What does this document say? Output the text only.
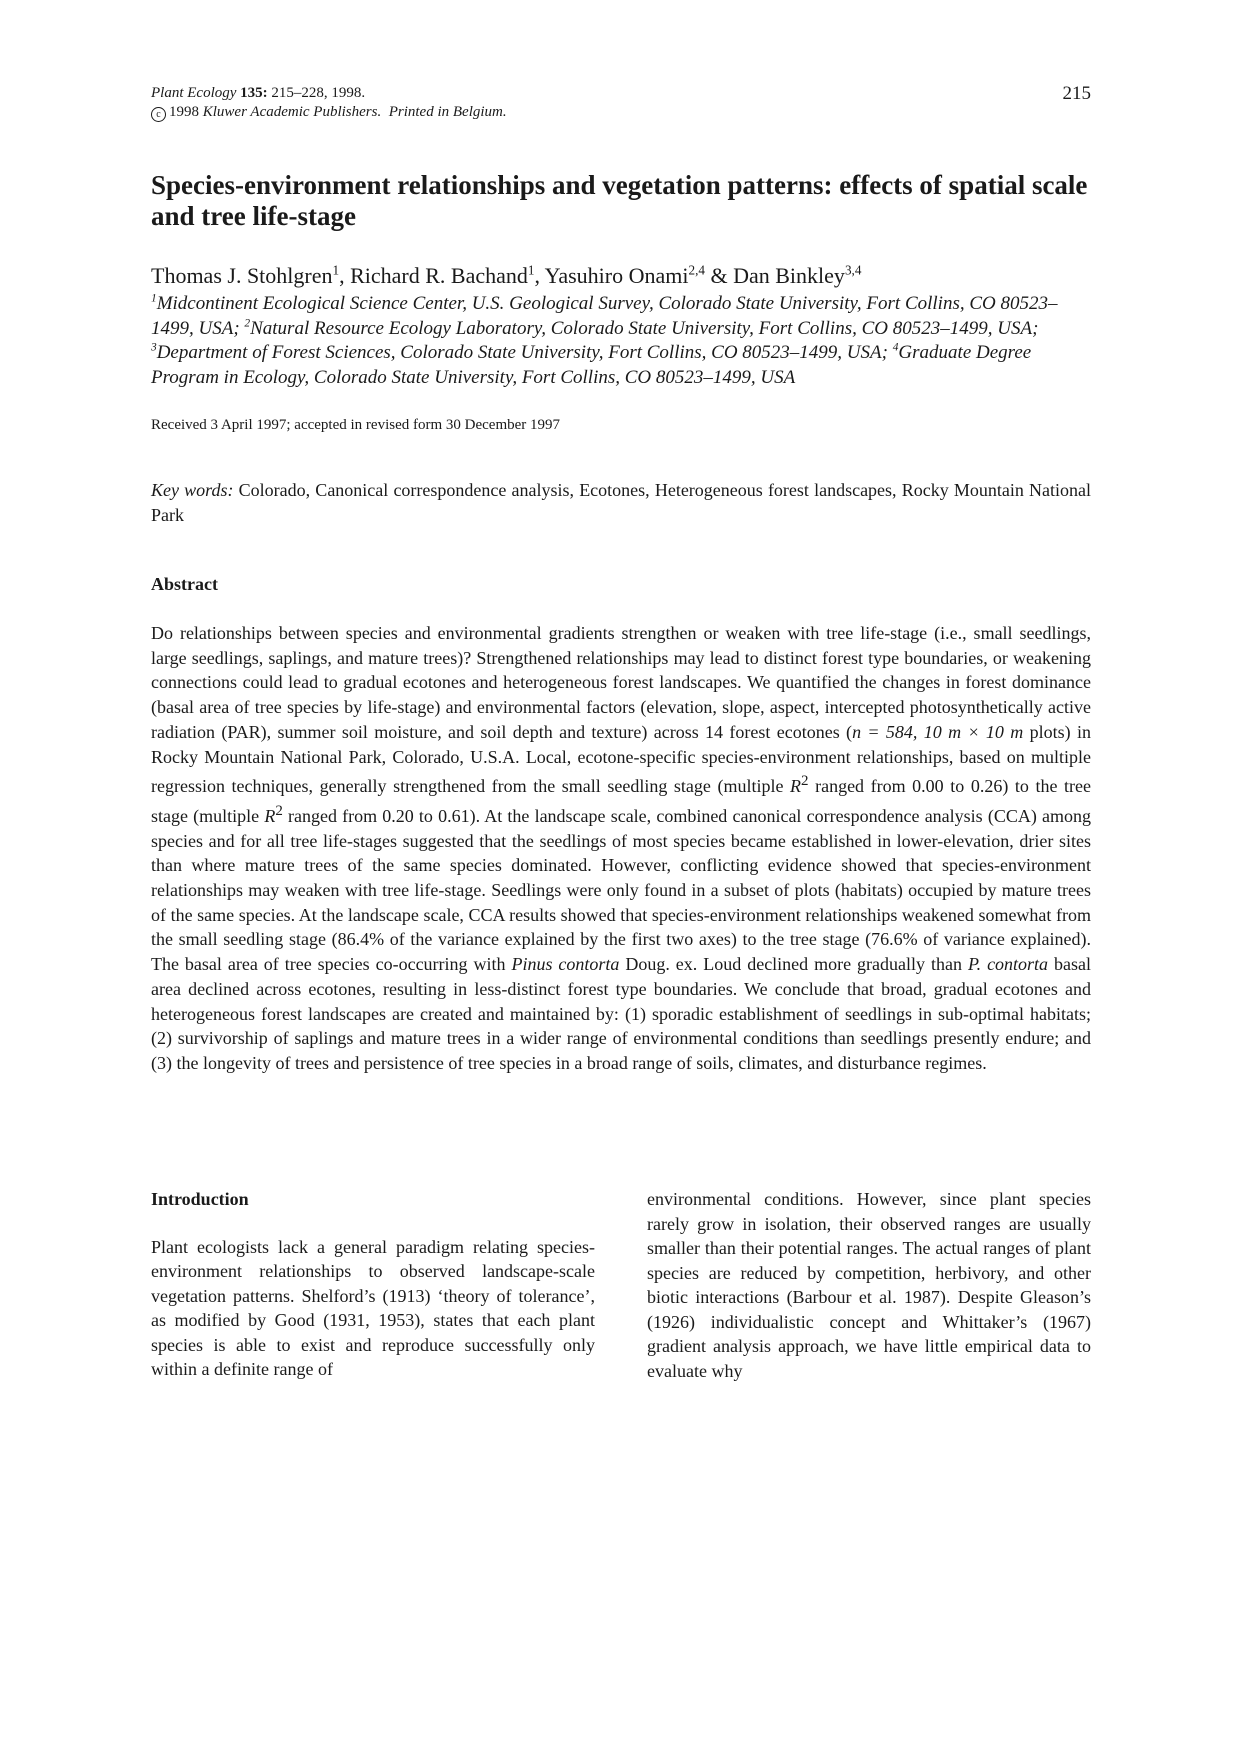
Plant Ecology 135: 215–228, 1998.
c 1998 Kluwer Academic Publishers. Printed in Belgium.
215
Species-environment relationships and vegetation patterns: effects of spatial scale and tree life-stage
Thomas J. Stohlgren$^1$, Richard R. Bachand$^1$, Yasuhiro Onami$^{2,4}$ & Dan Binkley$^{3,4}$
$^1$Midcontinent Ecological Science Center, U.S. Geological Survey, Colorado State University, Fort Collins, CO 80523–1499, USA; $^2$Natural Resource Ecology Laboratory, Colorado State University, Fort Collins, CO 80523–1499, USA; $^3$Department of Forest Sciences, Colorado State University, Fort Collins, CO 80523–1499, USA; $^4$Graduate Degree Program in Ecology, Colorado State University, Fort Collins, CO 80523–1499, USA
Received 3 April 1997; accepted in revised form 30 December 1997
Key words: Colorado, Canonical correspondence analysis, Ecotones, Heterogeneous forest landscapes, Rocky Mountain National Park
Abstract

Do relationships between species and environmental gradients strengthen or weaken with tree life-stage (i.e., small seedlings, large seedlings, saplings, and mature trees)? Strengthened relationships may lead to distinct forest type boundaries, or weakening connections could lead to gradual ecotones and heterogeneous forest landscapes. We quantified the changes in forest dominance (basal area of tree species by life-stage) and environmental factors (elevation, slope, aspect, intercepted photosynthetically active radiation (PAR), summer soil moisture, and soil depth and texture) across 14 forest ecotones (n = 584, 10 m × 10 m plots) in Rocky Mountain National Park, Colorado, U.S.A. Local, ecotone-specific species-environment relationships, based on multiple regression techniques, generally strengthened from the small seedling stage (multiple $R^2$ ranged from 0.00 to 0.26) to the tree stage (multiple $R^2$ ranged from 0.20 to 0.61). At the landscape scale, combined canonical correspondence analysis (CCA) among species and for all tree life-stages suggested that the seedlings of most species became established in lower-elevation, drier sites than where mature trees of the same species dominated. However, conflicting evidence showed that species-environment relationships may weaken with tree life-stage. Seedlings were only found in a subset of plots (habitats) occupied by mature trees of the same species. At the landscape scale, CCA results showed that species-environment relationships weakened somewhat from the small seedling stage (86.4% of the variance explained by the first two axes) to the tree stage (76.6% of variance explained). The basal area of tree species co-occurring with Pinus contorta Doug. ex. Loud declined more gradually than P. contorta basal area declined across ecotones, resulting in less-distinct forest type boundaries. We conclude that broad, gradual ecotones and heterogeneous forest landscapes are created and maintained by: (1) sporadic establishment of seedlings in sub-optimal habitats; (2) survivorship of saplings and mature trees in a wider range of environmental conditions than seedlings presently endure; and (3) the longevity of trees and persistence of tree species in a broad range of soils, climates, and disturbance regimes.

Introduction

Plant ecologists lack a general paradigm relating species-environment relationships to observed landscape-scale vegetation patterns. Shelford’s (1913) ‘theory of tolerance’, as modified by Good (1931, 1953), states that each plant species is able to exist and reproduce successfully only within a definite range of

environmental conditions. However, since plant species rarely grow in isolation, their observed ranges are usually smaller than their potential ranges. The actual ranges of plant species are reduced by competition, herbivory, and other biotic interactions (Barbour et al. 1987). Despite Gleason’s (1926) individualistic concept and Whittaker’s (1967) gradient analysis approach, we have little empirical data to evaluate why
